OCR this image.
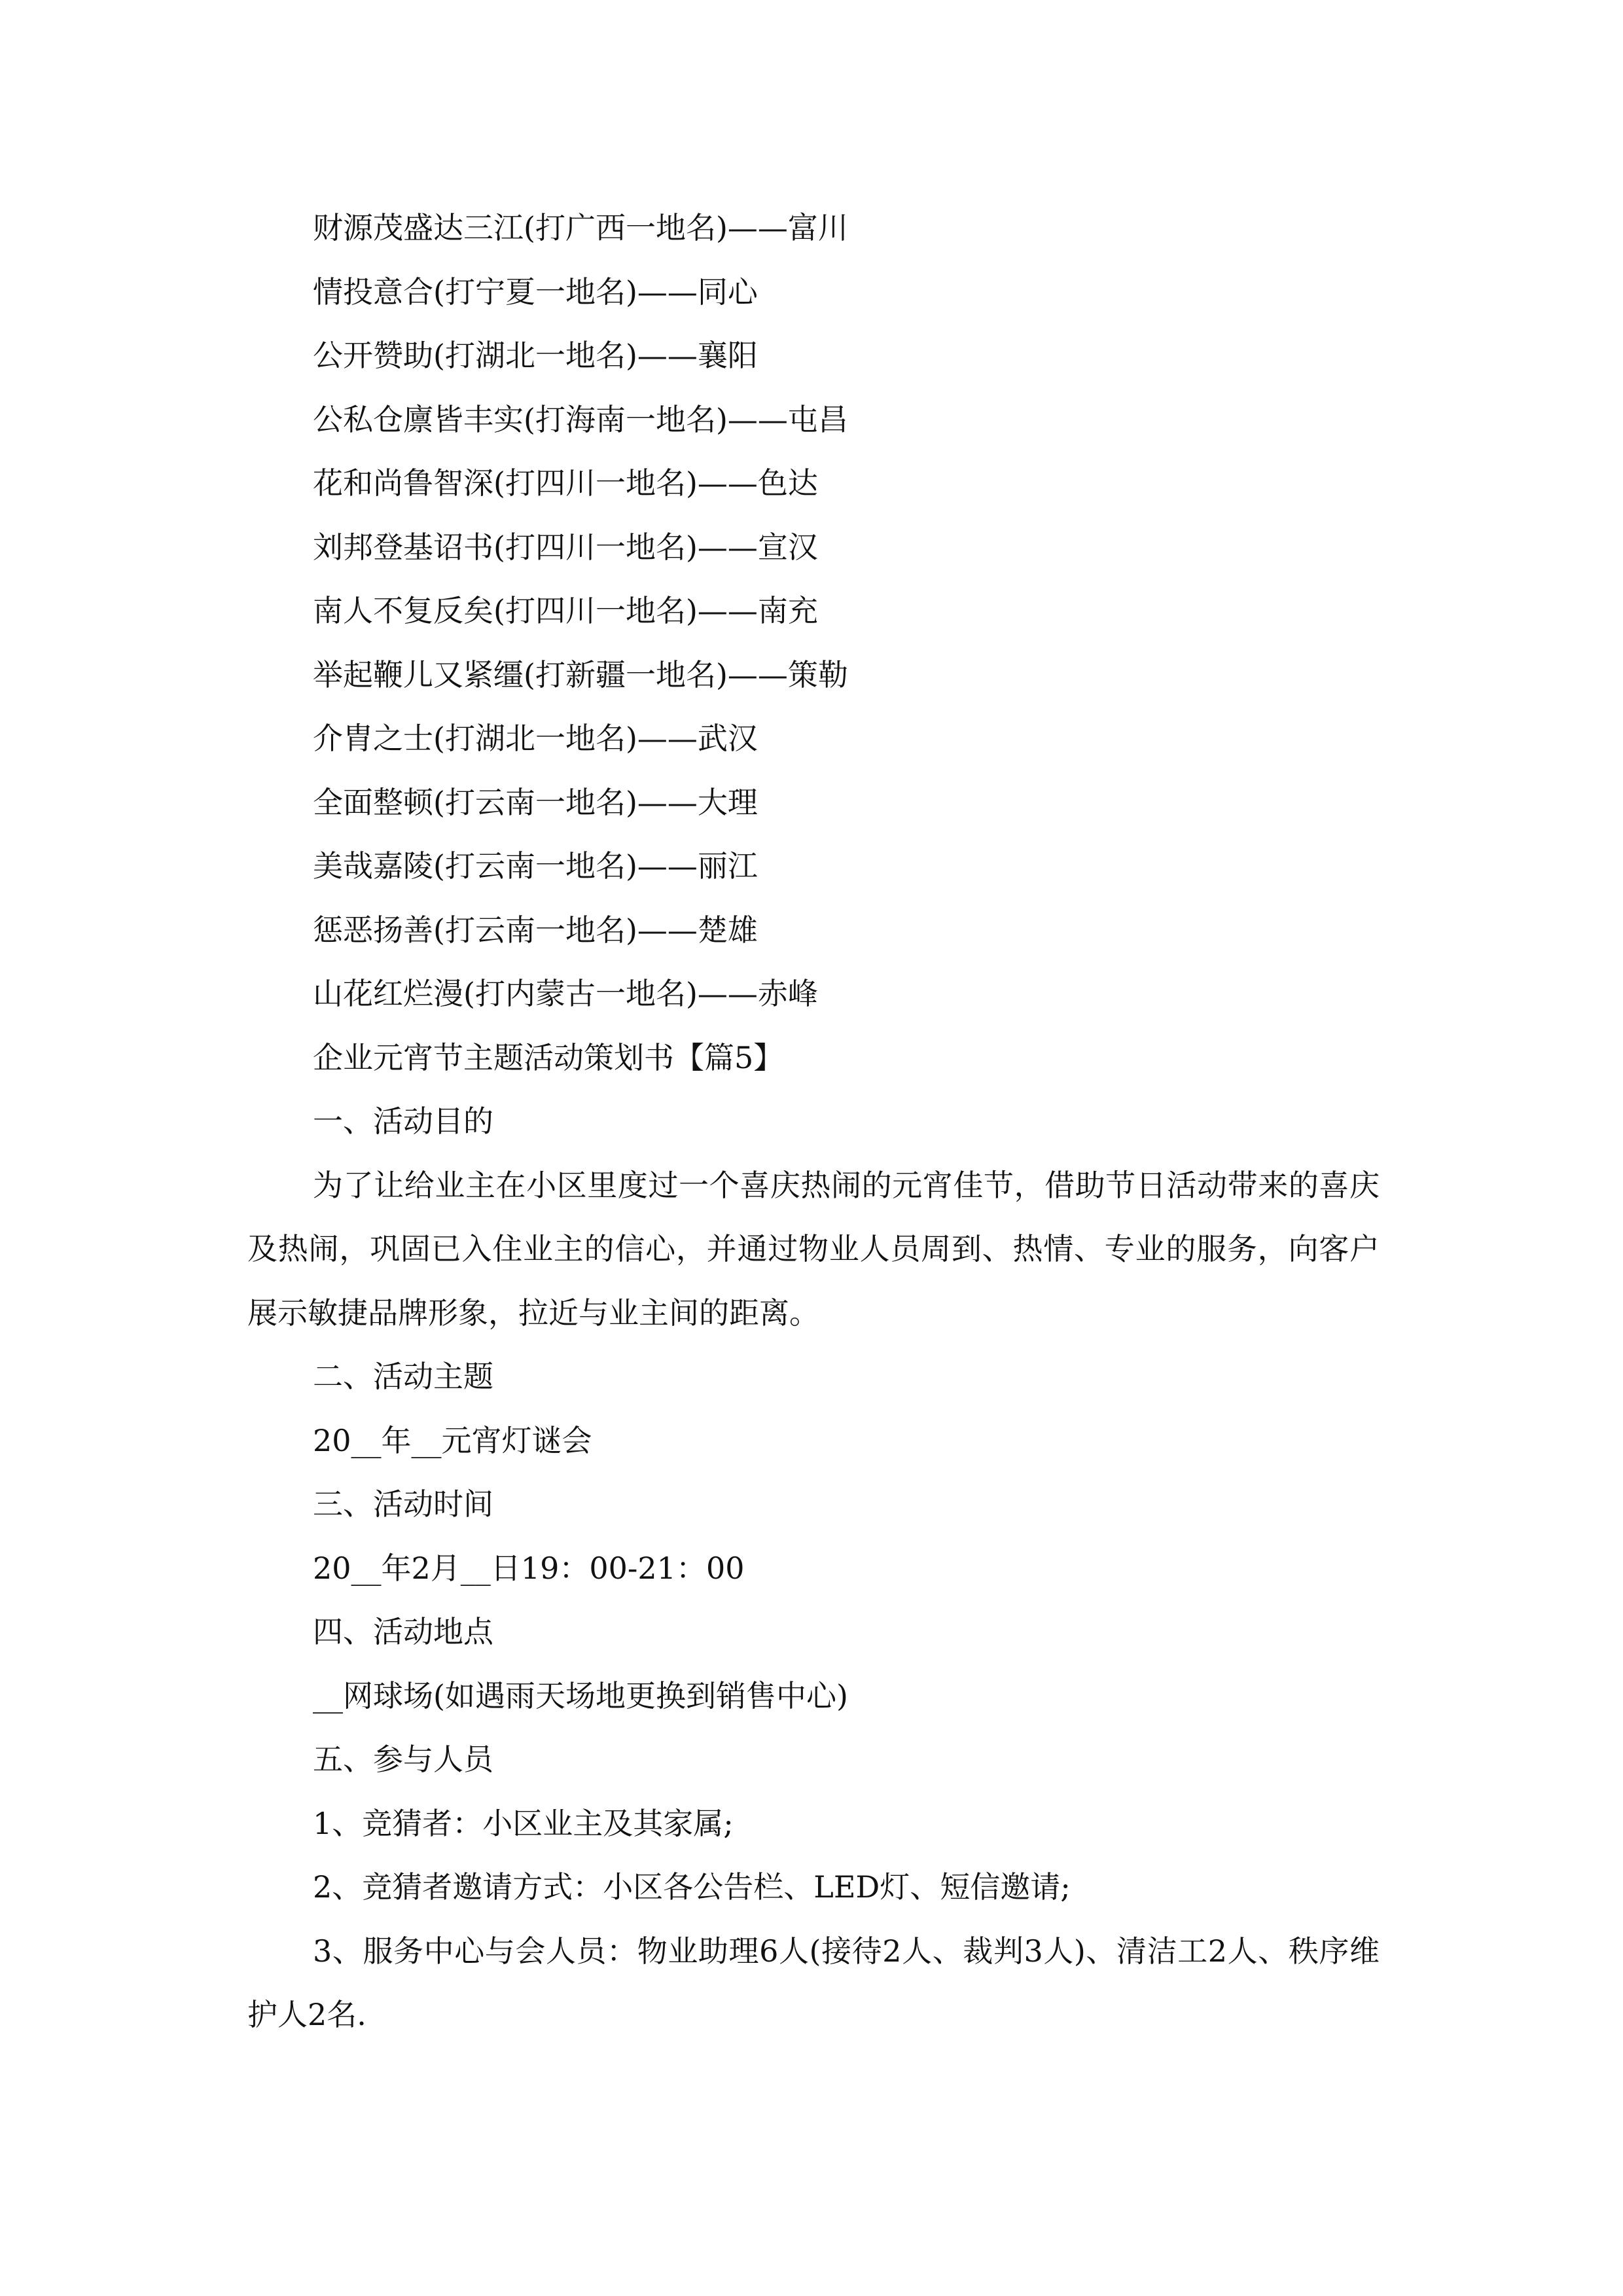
财源茂盛达三江(打广西一地名)——富川
情投意合(打宁夏一地名)——同心
公开赞助(打湖北一地名)——襄阳
公私仓廪皆丰实(打海南一地名)——屯昌
花和尚鲁智深(打四川一地名)——色达
刘邦登基诏书(打四川一地名)——宣汉
南人不复反矣(打四川一地名)——南充
举起鞭儿又紧缰(打新疆一地名)——策勒
介胄之士(打湖北一地名)——武汉
全面整顿(打云南一地名)——大理
美哉嘉陵(打云南一地名)——丽江
惩恶扬善(打云南一地名)——楚雄
山花红烂漫(打内蒙古一地名)——赤峰
企业元宵节主题活动策划书【篇5】
一、活动目的

为了让给业主在小区里度过一个喜庆热闹的元宵佳节，借助节日活动带来的喜庆及热闹，巩固已入住业主的信心，并通过物业人员周到、热情、专业的服务，向客户展示敏捷品牌形象，拉近与业主间的距离。

二、活动主题
20__年__元宵灯谜会
三、活动时间
20__年2月__日19：00-21：00
四、活动地点
__网球场(如遇雨天场地更换到销售中心)
五、参与人员
1、竞猜者：小区业主及其家属;
2、竞猜者邀请方式：小区各公告栏、LED灯、短信邀请;

3、服务中心与会人员：物业助理6人(接待2人、裁判3人)、清洁工2人、秩序维护人2名.
